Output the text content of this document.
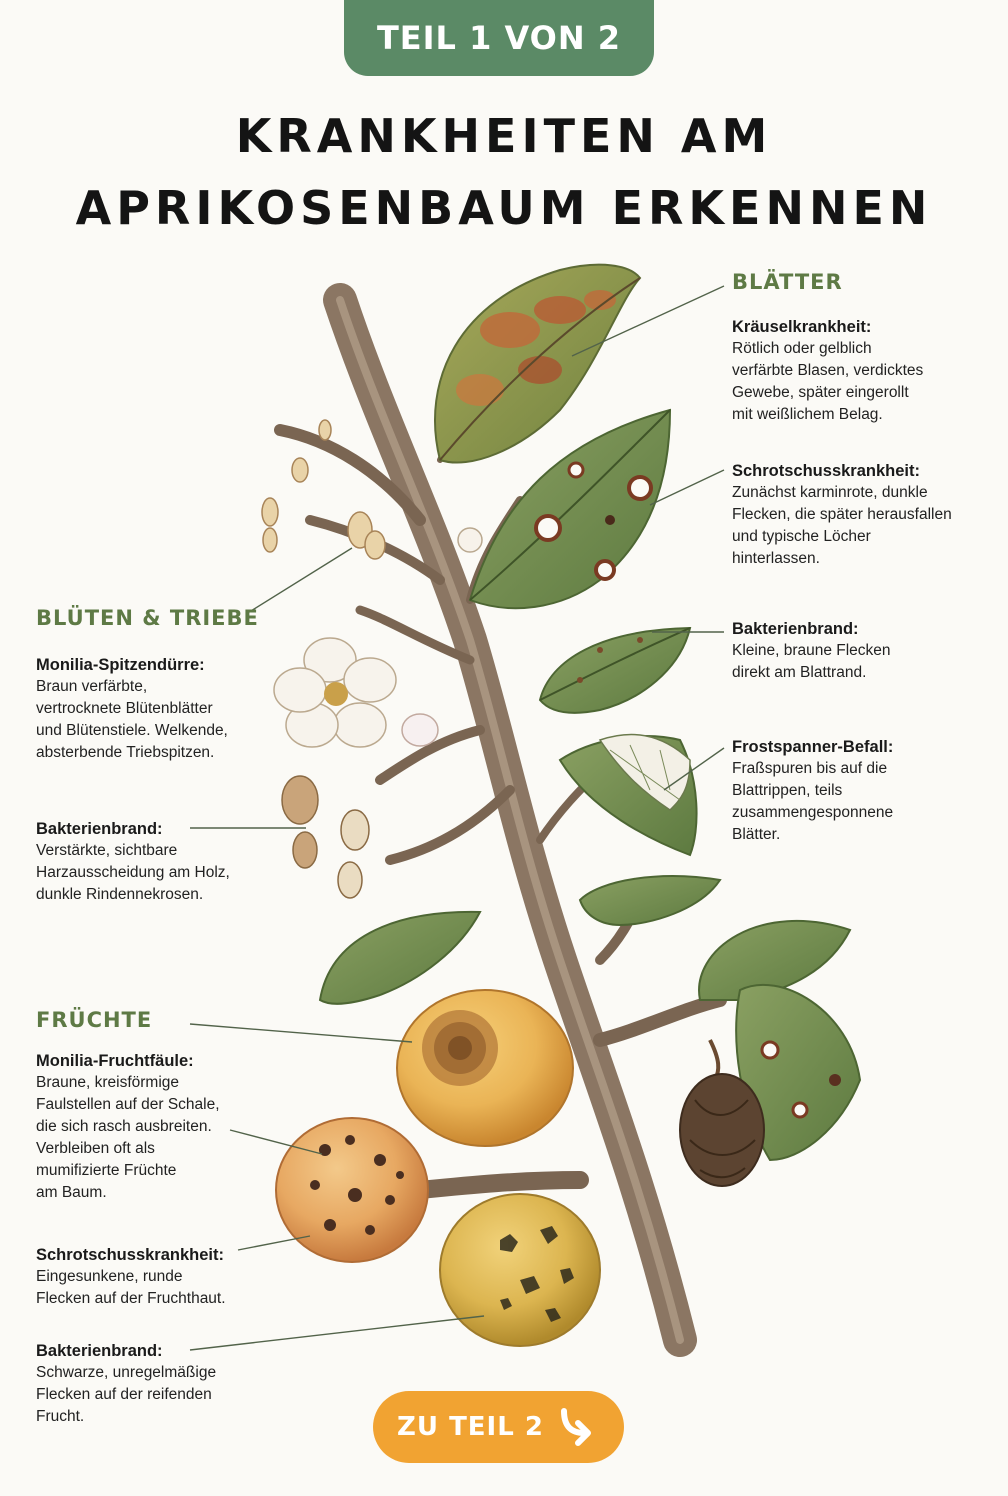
TEIL 1 VON 2
KRANKHEITEN AM
APRIKOSENBAUM ERKENNEN
BLÄTTER
Kräuselkrankheit:
Rötlich oder gelblich
verfärbte Blasen, verdicktes
Gewebe, später eingerollt
mit weißlichem Belag.
Schrotschusskrankheit:
Zunächst karminrote, dunkle
Flecken, die später herausfallen
und typische Löcher
hinterlassen.
Bakterienbrand:
Kleine, braune Flecken
direkt am Blattrand.
Frostspanner-Befall:
Fraßspuren bis auf die
Blattrippen, teils
zusammengesponnene
Blätter.
BLÜTEN & TRIEBE
Monilia-Spitzendürre:
Braun verfärbte,
vertrocknete Blütenblätter
und Blütenstiele. Welkende,
absterbende Triebspitzen.
Bakterienbrand:
Verstärkte, sichtbare
Harzausscheidung am Holz,
dunkle Rindennekrosen.
FRÜCHTE
Monilia-Fruchtfäule:
Braune, kreisförmige
Faulstellen auf der Schale,
die sich rasch ausbreiten.
Verbleiben oft als
mumifizierte Früchte
am Baum.
Schrotschusskrankheit:
Eingesunkene, runde
Flecken auf der Fruchthaut.
Bakterienbrand:
Schwarze, unregelmäßige
Flecken auf der reifenden
Frucht.	ZU TEIL 2
